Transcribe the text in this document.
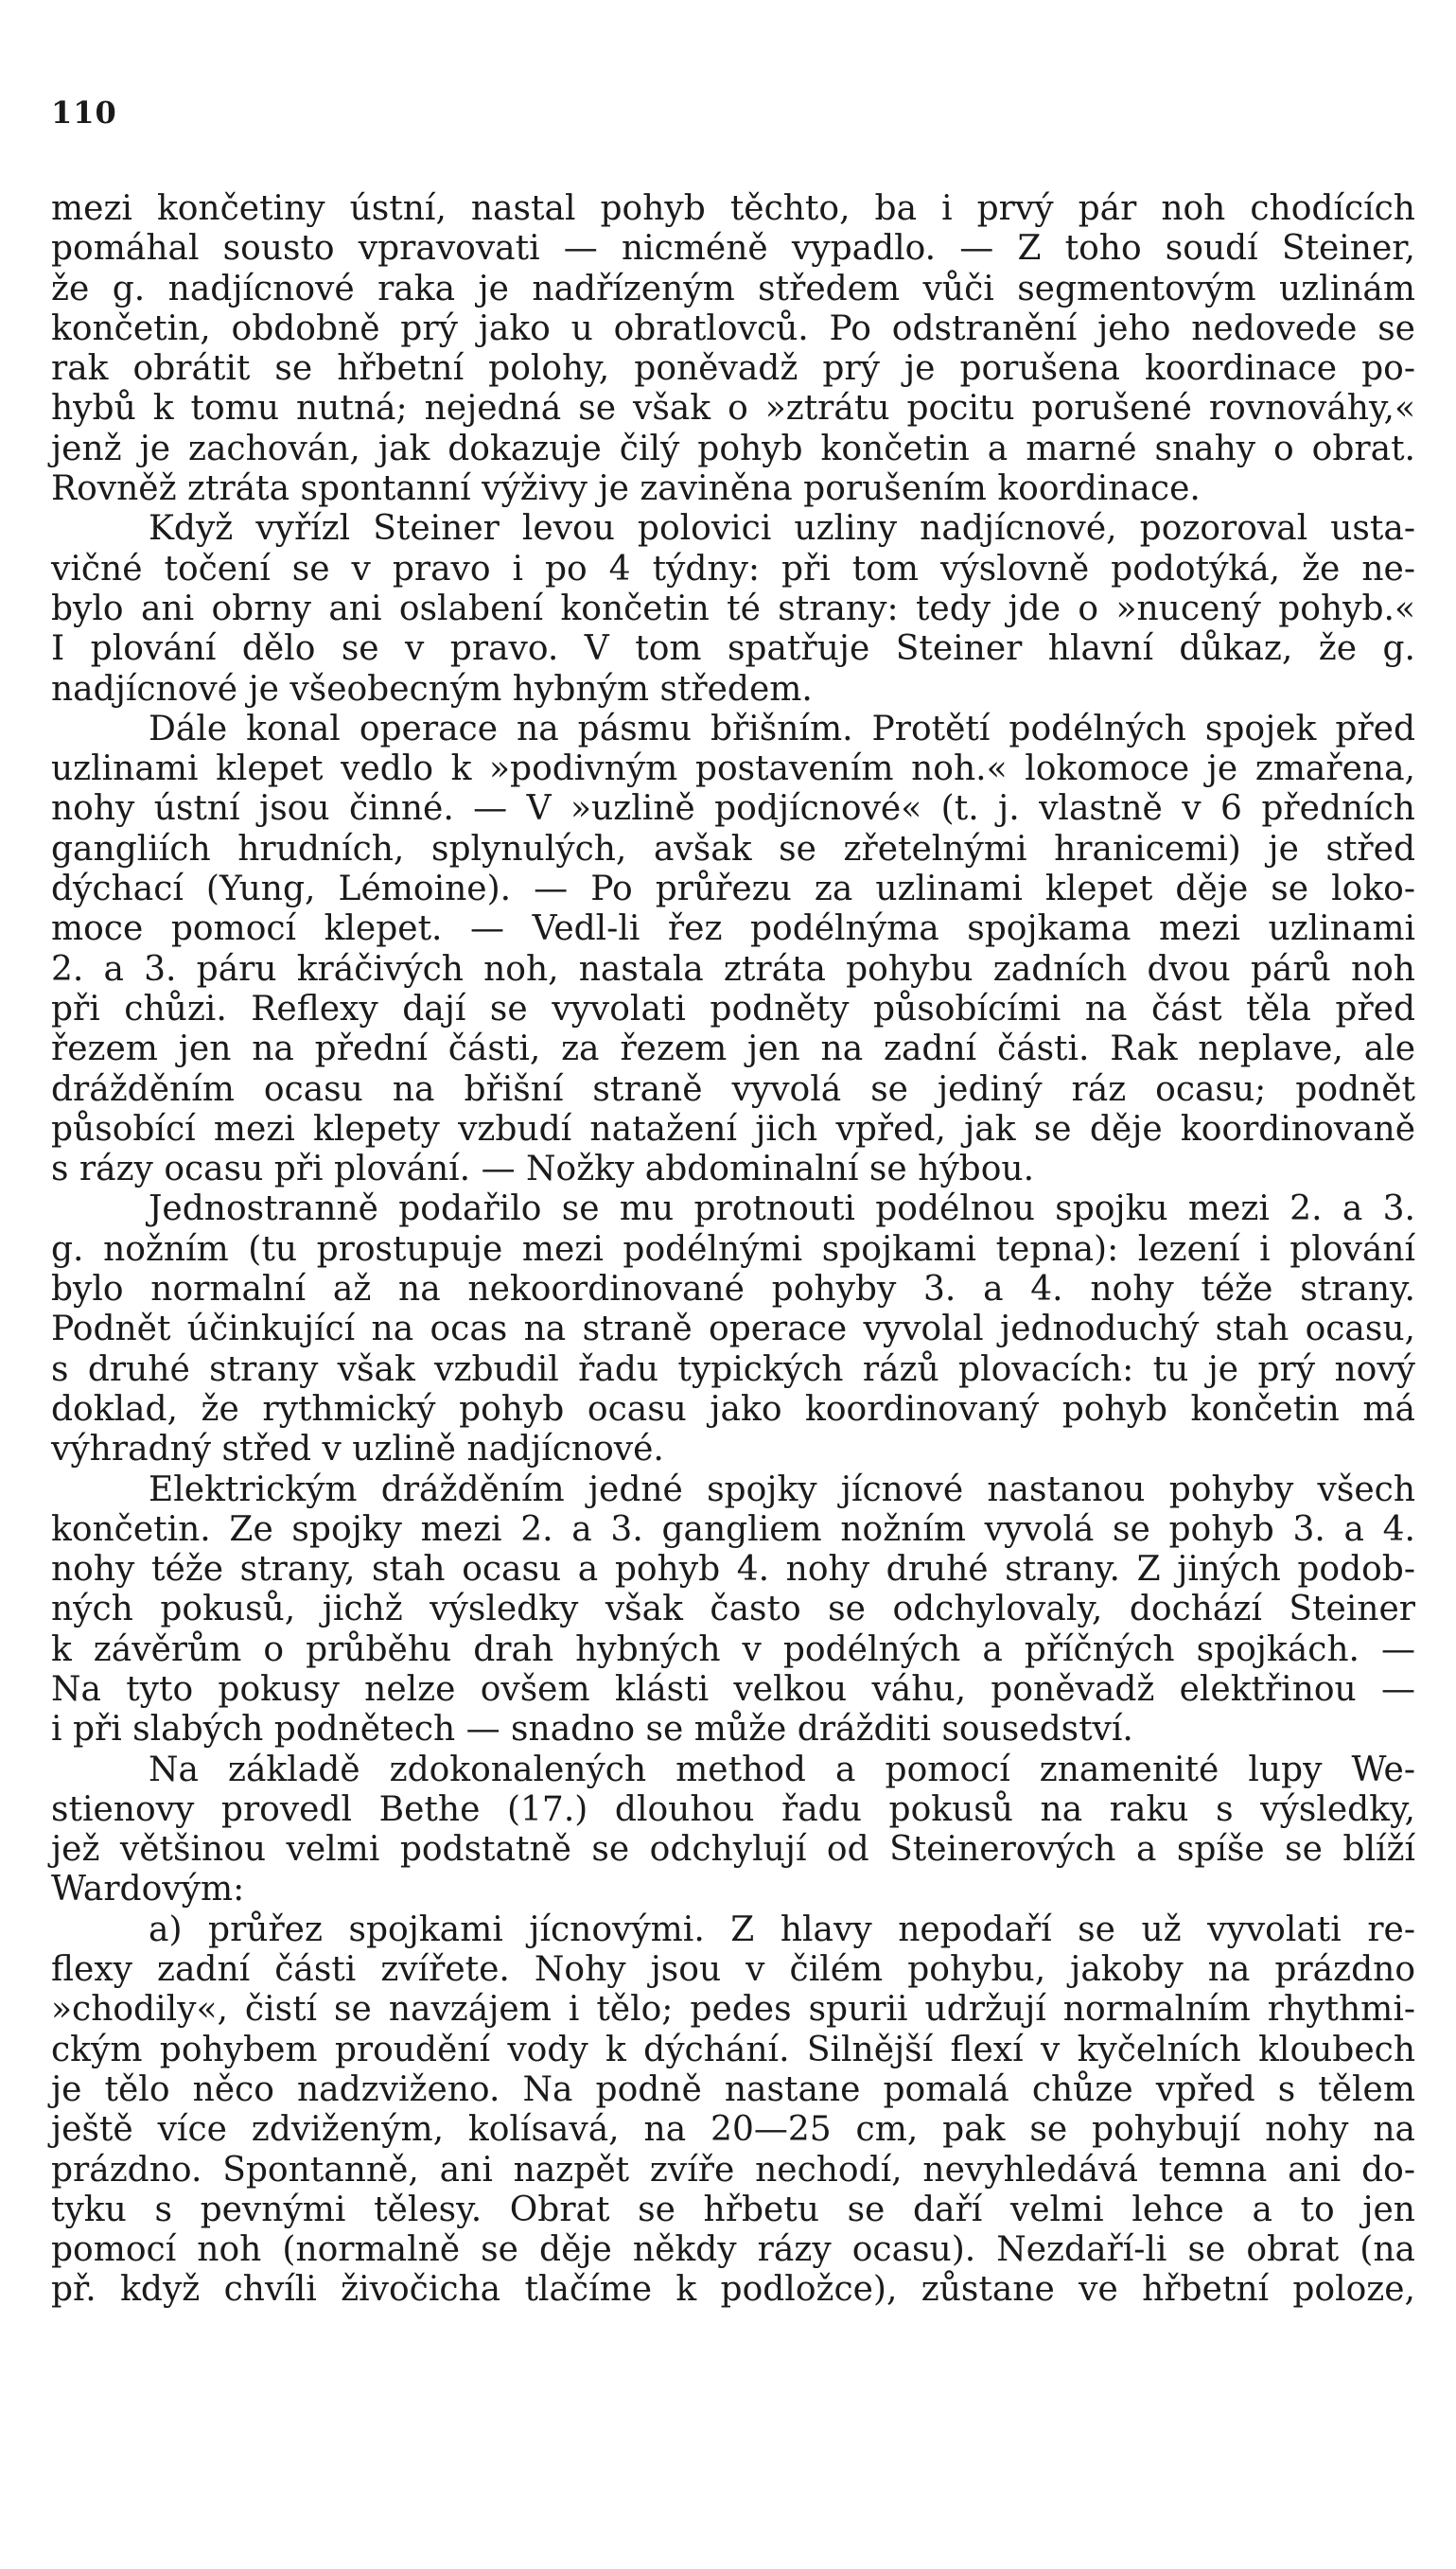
110
mezi končetiny ústní, nastal pohyb těchto, ba i prvý pár noh chodících
pomáhal sousto vpravovati — nicméně vypadlo. — Z toho soudí Steiner,
že g. nadjícnové raka je nadřízeným středem vůči segmentovým uzlinám
končetin, obdobně prý jako u obratlovců. Po odstranění jeho nedovede se
rak obrátit se hřbetní polohy, poněvadž prý je porušena koordinace po-
hybů k tomu nutná; nejedná se však o »ztrátu pocitu porušené rovnováhy,«
jenž je zachován, jak dokazuje čilý pohyb končetin a marné snahy o obrat.
Rovněž ztráta spontanní výživy je zaviněna porušením koordinace.
Když vyřízl Steiner levou polovici uzliny nadjícnové, pozoroval ustа-
vičné točení se v pravo i po 4 týdny: při tom výslovně podotýká, že ne-
bylo ani obrny ani oslabení končetin té strany: tedy jde o »nucený pohyb.«
I plování dělo se v pravo. V tom spatřuje Steiner hlavní důkaz, že g.
nadjícnové je všeobecným hybným středem.
Dále konal operace na pásmu břišním. Protětí podélných spojek před
uzlinami klepet vedlo k »podivným postavením noh.« lokomoce je zmařena,
nohy ústní jsou činné. — V »uzlině podjícnové« (t. j. vlastně v 6 předních
gangliích hrudních, splynulých, avšak se zřetelnými hranicemi) je střed
dýchací (Yung, Lémoine). — Po průřezu za uzlinami klepet děje se loko-
moce pomocí klepet. — Vedl-li řez podélnýma spojkama mezi uzlinami
2. a 3. páru kráčivých noh, nastala ztráta pohybu zadních dvou párů noh
při chůzi. Reflexy dají se vyvolati podněty působícími na část těla před
řezem jen na přední části, za řezem jen na zadní části. Rak neplave, ale
drážděním ocasu na břišní straně vyvolá se jediný ráz ocasu; podnět
působící mezi klepety vzbudí natažení jich vpřed, jak se děje koordinovaně
s rázy ocasu při plování. — Nožky abdominalní se hýbou.
Jednostranně podařilo se mu protnouti podélnou spojku mezi 2. a 3.
g. nožním (tu prostupuje mezi podélnými spojkami tepna): lezení i plování
bylo normalní až na nekoordinované pohyby 3. a 4. nohy téže strany.
Podnět účinkující na ocas na straně operace vyvolal jednoduchý stah ocasu,
s druhé strany však vzbudil řadu typických rázů plovacích: tu je prý nový
doklad, že rythmický pohyb ocasu jako koordinovaný pohyb končetin má
výhradný střed v uzlině nadjícnové.
Elektrickým drážděním jedné spojky jícnové nastanou pohyby všech
končetin. Ze spojky mezi 2. a 3. gangliem nožním vyvolá se pohyb 3. a 4.
nohy téže strany, stah ocasu a pohyb 4. nohy druhé strany. Z jiných podob-
ných pokusů, jichž výsledky však často se odchylovaly, dochází Steiner
k závěrům o průběhu drah hybných v podélných a příčných spojkách. —
Na tyto pokusy nelze ovšem klásti velkou váhu, poněvadž elektřinou —
i při slabých podnětech — snadno se může drážditi sousedství.
Na základě zdokonalených method a pomocí znamenité lupy We-
stienovy provedl Bethe (17.) dlouhou řadu pokusů na raku s výsledky,
jež většinou velmi podstatně se odchylují od Steinerových a spíše se blíží
Wardovým:
a) průřez spojkami jícnovými. Z hlavy nepodaří se už vyvolati re-
flexy zadní části zvířete. Nohy jsou v čilém pohybu, jakoby na prázdno
»chodily«, čistí se navzájem i tělo; pedes spurii udržují normalním rhythmi-
ckým pohybem proudění vody k dýchání. Silnější flexí v kyčelních kloubech
je tělo něco nadzviženo. Na podně nastane pomalá chůze vpřed s tělem
ještě více zdviženým, kolísavá, na 20—25 cm, pak se pohybují nohy na
prázdno. Spontanně, ani nazpět zvíře nechodí, nevyhledává temna ani do-
tyku s pevnými tělesy. Obrat se hřbetu se daří velmi lehce a to jen
pomocí noh (normalně se děje někdy rázy ocasu). Nezdaří-li se obrat (na
př. když chvíli živočicha tlačíme k podložce), zůstane ve hřbetní poloze,
